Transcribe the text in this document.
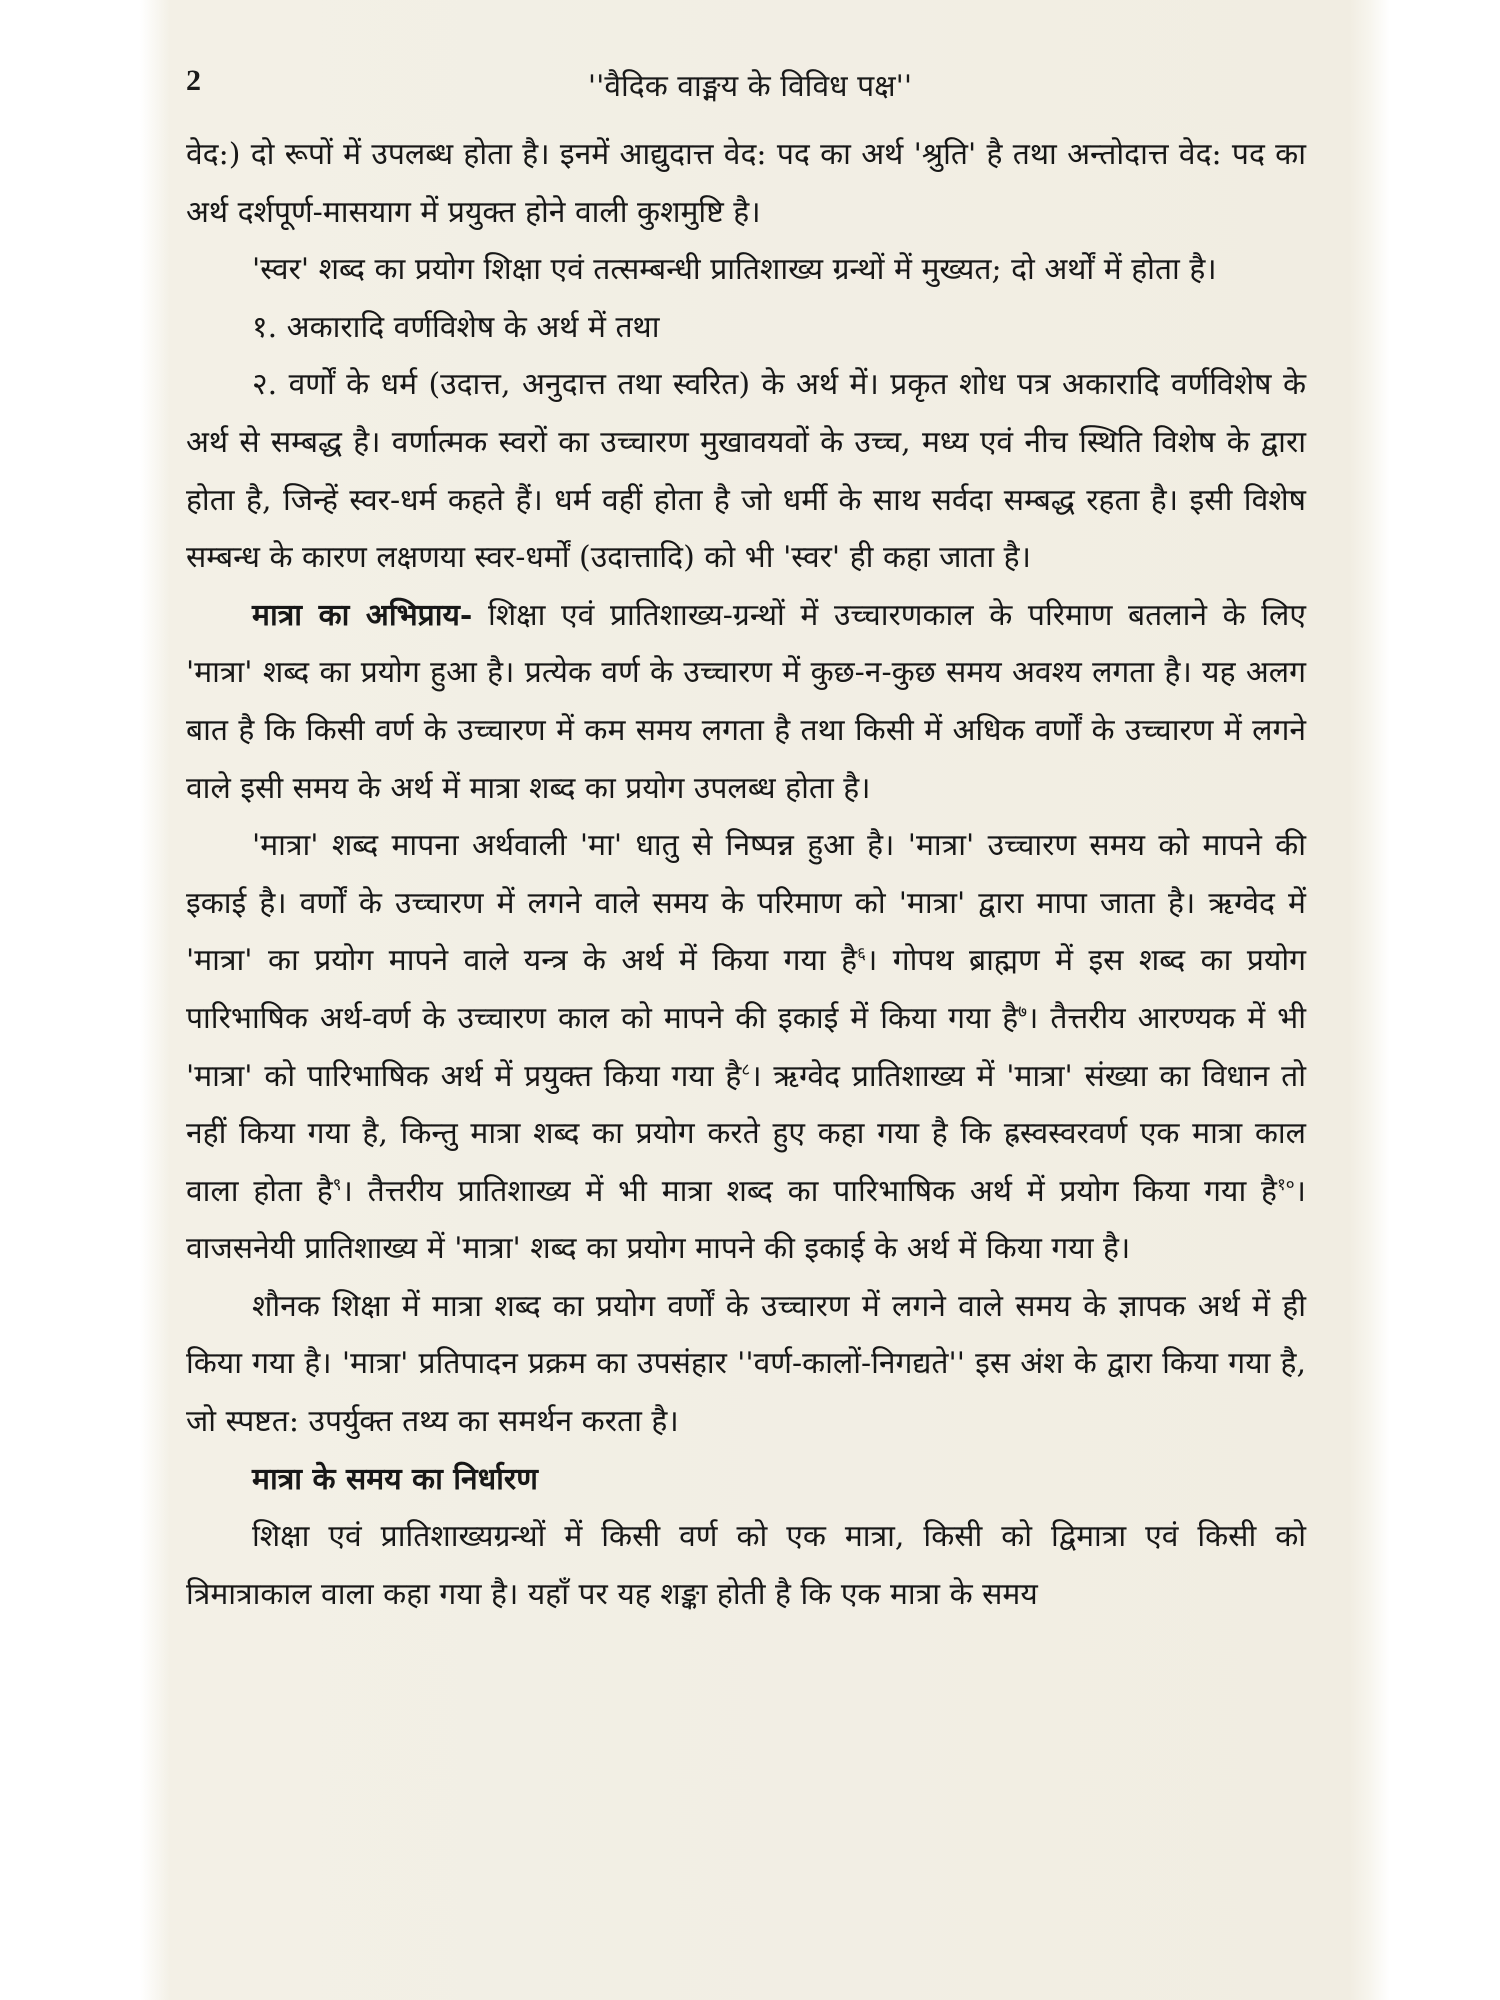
2	''वैदिक वाङ्मय के विविध पक्ष''

वेद:) दो रूपों में उपलब्ध होता है। इनमें आद्युदात्त वेद: पद का अर्थ 'श्रुति' है तथा अन्तोदात्त वेद: पद का अर्थ दर्शपूर्ण-मासयाग में प्रयुक्त होने वाली कुशमुष्टि है।

'स्वर' शब्द का प्रयोग शिक्षा एवं तत्सम्बन्धी प्रातिशाख्य ग्रन्थों में मुख्यत; दो अर्थों में होता है।

१. अकारादि वर्णविशेष के अर्थ में तथा

२. वर्णों के धर्म (उदात्त, अनुदात्त तथा स्वरित) के अर्थ में। प्रकृत शोध पत्र अकारादि वर्णविशेष के अर्थ से सम्बद्ध है। वर्णात्मक स्वरों का उच्चारण मुखावयवों के उच्च, मध्य एवं नीच स्थिति विशेष के द्वारा होता है, जिन्हें स्वर-धर्म कहते हैं। धर्म वहीं होता है जो धर्मी के साथ सर्वदा सम्बद्ध रहता है। इसी विशेष सम्बन्ध के कारण लक्षणया स्वर-धर्मों (उदात्तादि) को भी 'स्वर' ही कहा जाता है।

मात्रा का अभिप्राय- शिक्षा एवं प्रातिशाख्य-ग्रन्थों में उच्चारणकाल के परिमाण बतलाने के लिए 'मात्रा' शब्द का प्रयोग हुआ है। प्रत्येक वर्ण के उच्चारण में कुछ-न-कुछ समय अवश्य लगता है। यह अलग बात है कि किसी वर्ण के उच्चारण में कम समय लगता है तथा किसी में अधिक वर्णों के उच्चारण में लगने वाले इसी समय के अर्थ में मात्रा शब्द का प्रयोग उपलब्ध होता है।

'मात्रा' शब्द मापना अर्थवाली 'मा' धातु से निष्पन्न हुआ है। 'मात्रा' उच्चारण समय को मापने की इकाई है। वर्णों के उच्चारण में लगने वाले समय के परिमाण को 'मात्रा' द्वारा मापा जाता है। ऋग्वेद में 'मात्रा' का प्रयोग मापने वाले यन्त्र के अर्थ में किया गया है$^६$। गोपथ ब्राह्मण में इस शब्द का प्रयोग पारिभाषिक अर्थ-वर्ण के उच्चारण काल को मापने की इकाई में किया गया है$^७$। तैत्तरीय आरण्यक में भी 'मात्रा' को पारिभाषिक अर्थ में प्रयुक्त किया गया है$^८$। ऋग्वेद प्रातिशाख्य में 'मात्रा' संख्या का विधान तो नहीं किया गया है, किन्तु मात्रा शब्द का प्रयोग करते हुए कहा गया है कि ह्रस्वस्वरवर्ण एक मात्रा काल वाला होता है$^९$। तैत्तरीय प्रातिशाख्य में भी मात्रा शब्द का पारिभाषिक अर्थ में प्रयोग किया गया है$^{१०}$। वाजसनेयी प्रातिशाख्य में 'मात्रा' शब्द का प्रयोग मापने की इकाई के अर्थ में किया गया है।

शौनक शिक्षा में मात्रा शब्द का प्रयोग वर्णों के उच्चारण में लगने वाले समय के ज्ञापक अर्थ में ही किया गया है। 'मात्रा' प्रतिपादन प्रक्रम का उपसंहार ''वर्ण-कालों-निगद्यते'' इस अंश के द्वारा किया गया है, जो स्पष्टत: उपर्युक्त तथ्य का समर्थन करता है।

मात्रा के समय का निर्धारण

शिक्षा एवं प्रातिशाख्यग्रन्थों में किसी वर्ण को एक मात्रा, किसी को द्विमात्रा एवं किसी को त्रिमात्राकाल वाला कहा गया है। यहाँ पर यह शङ्का होती है कि एक मात्रा के समय
